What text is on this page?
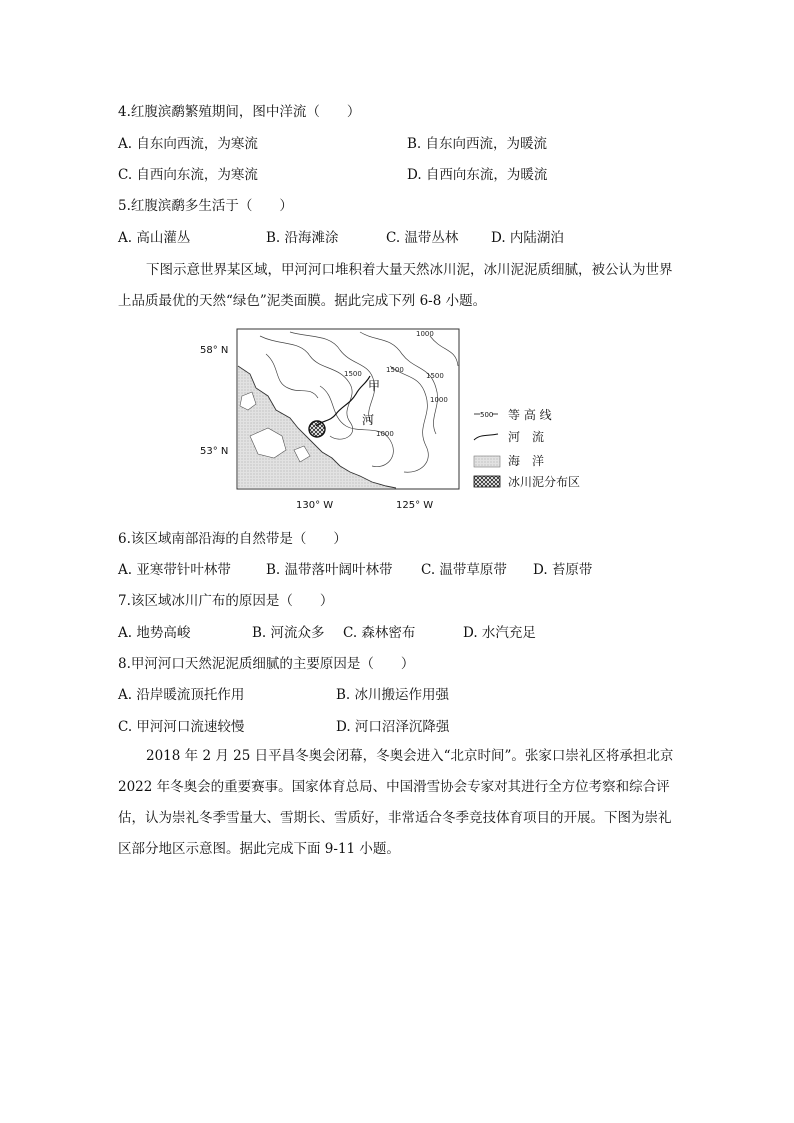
4.红腹滨鹬繁殖期间，图中洋流（　　）
A. 自东向西流，为寒流	B. 自东向西流，为暖流
C. 自西向东流，为寒流	D. 自西向东流，为暖流
5.红腹滨鹬多生活于（　　）
A. 高山灌丛	B. 沿海滩涂	C. 温带丛林 D. 内陆湖泊
下图示意世界某区域，甲河河口堆积着大量天然冰川泥，冰川泥泥质细腻，被公认为世界上品质最优的天然“绿色”泥类面膜。据此完成下列 6-8 小题。
甲
河
1000
1500	1500
1000
1500
1000
58° N
53° N
130° W	125° W
500 等 高 线
河　流
海　洋
冰川泥分布区
6.该区域南部沿海的自然带是（　　）
A. 亚寒带针叶林带	B. 温带落叶阔叶林带 C. 温带草原带 D. 苔原带
7.该区域冰川广布的原因是（　　）
A. 地势高峻	B. 河流众多 C. 森林密布	D. 水汽充足
8.甲河河口天然泥泥质细腻的主要原因是（　　）
A. 沿岸暖流顶托作用	B. 冰川搬运作用强
C. 甲河河口流速较慢	D. 河口沼泽沉降强
2018 年 2 月 25 日平昌冬奥会闭幕，冬奥会进入“北京时间”。张家口崇礼区将承担北京 2022 年冬奥会的重要赛事。国家体育总局、中国滑雪协会专家对其进行全方位考察和综合评估，认为崇礼冬季雪量大、雪期长、雪质好，非常适合冬季竞技体育项目的开展。下图为崇礼区部分地区示意图。据此完成下面 9-11 小题。
